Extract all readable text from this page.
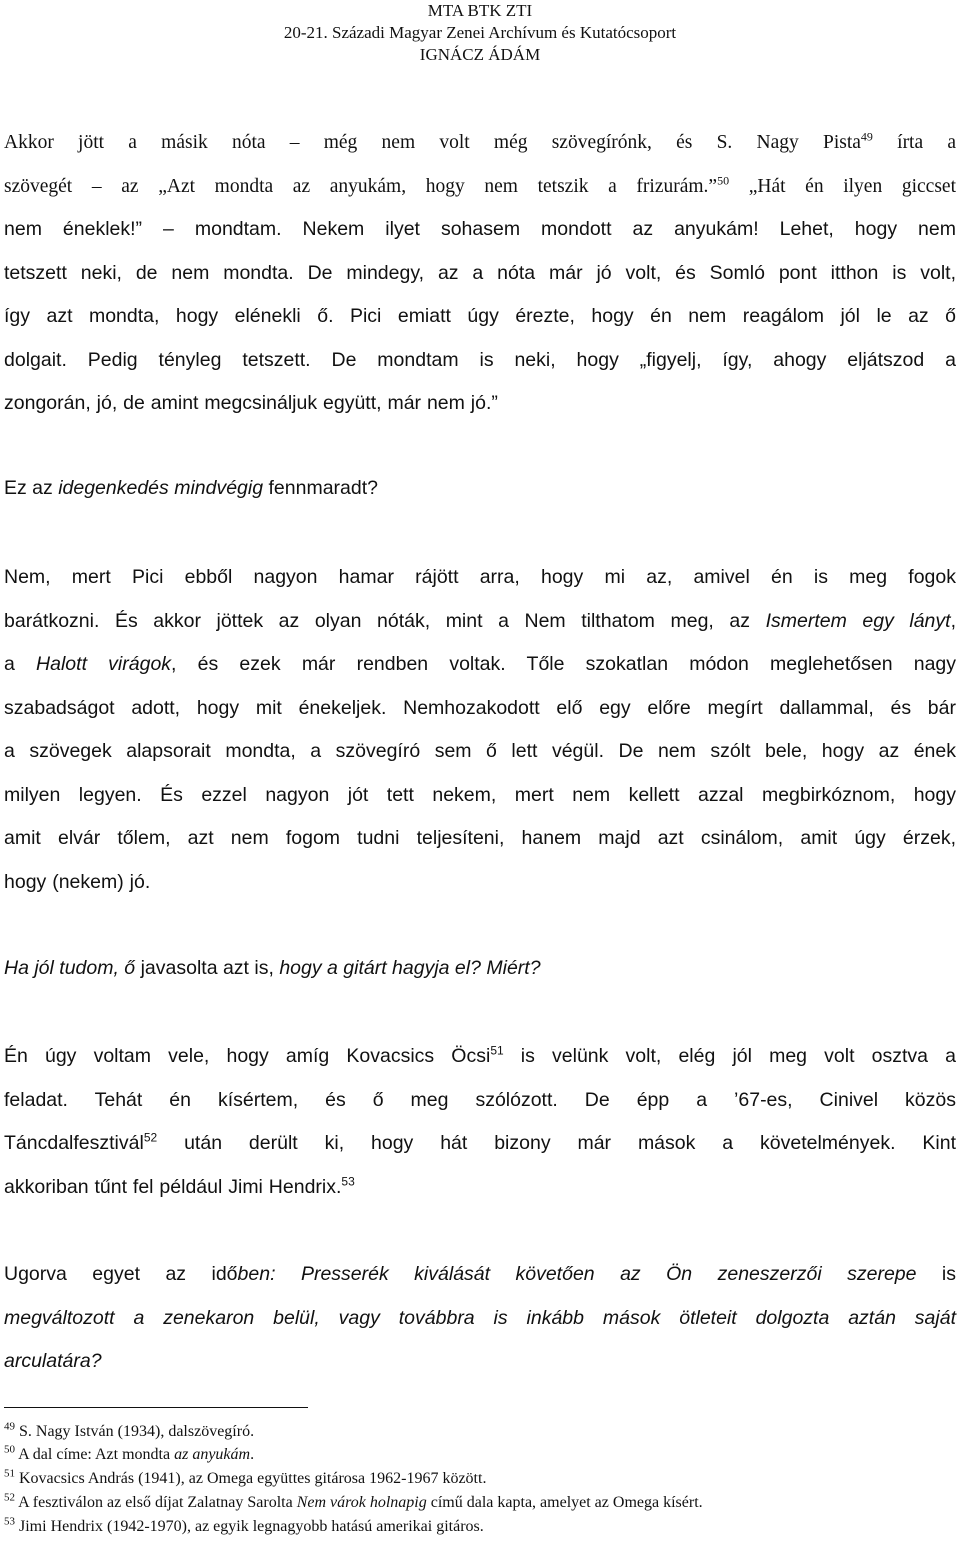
MTA BTK ZTI
20-21. Századi Magyar Zenei Archívum és Kutatócsoport
IGNÁCZ ÁDÁM
Akkor jött a másik nóta – még nem volt még szövegírónk, és S. Nagy Pista$^{49}$ írta a
szövegét – az „Azt mondta az anyukám, hogy nem tetszik a frizurám.”$^{50}$ „Hát én ilyen giccset
nem éneklek!” – mondtam. Nekem ilyet sohasem mondott az anyukám! Lehet, hogy nem
tetszett neki, de nem mondta. De mindegy, az a nóta már jó volt, és Somló pont itthon is volt,
így azt mondta, hogy elénekli ő. Pici emiatt úgy érezte, hogy én nem reagálom jól le az ő
dolgait. Pedig tényleg tetszett. De mondtam is neki, hogy „figyelj, így, ahogy eljátszod a
zongorán, jó, de amint megcsináljuk együtt, már nem jó.”
Ez az idegenkedés mindvégig fennmaradt?
Nem, mert Pici ebből nagyon hamar rájött arra, hogy mi az, amivel én is meg fogok
barátkozni. És akkor jöttek az olyan nóták, mint a Nem tilthatom meg, az Ismertem egy lányt,
a Halott virágok, és ezek már rendben voltak. Tőle szokatlan módon meglehetősen nagy
szabadságot adott, hogy mit énekeljek. Nemhozakodott elő egy előre megírt dallammal, és bár
a szövegek alapsorait mondta, a szövegíró sem ő lett végül. De nem szólt bele, hogy az ének
milyen legyen. És ezzel nagyon jót tett nekem, mert nem kellett azzal megbirkóznom, hogy
amit elvár tőlem, azt nem fogom tudni teljesíteni, hanem majd azt csinálom, amit úgy érzek,
hogy (nekem) jó.
Ha jól tudom, ő javasolta azt is, hogy a gitárt hagyja el? Miért?
Én úgy voltam vele, hogy amíg Kovacsics Öcsi$^{51}$ is velünk volt, elég jól meg volt osztva a
feladat. Tehát én kísértem, és ő meg szólózott. De épp a ’67-es, Cinivel közös
Táncdalfesztivál$^{52}$ után derült ki, hogy hát bizony már mások a követelmények. Kint
akkoriban tűnt fel például Jimi Hendrix.$^{53}$
Ugorva egyet az időben: Presserék kiválását követően az Ön zeneszerzői szerepe is
megváltozott a zenekaron belül, vagy továbbra is inkább mások ötleteit dolgozta aztán saját
arculatára?
$^{49}$ S. Nagy István (1934), dalszövegíró.
$^{50}$ A dal címe: Azt mondta az anyukám.
$^{51}$ Kovacsics András (1941), az Omega együttes gitárosa 1962-1967 között.
$^{52}$ A fesztiválon az első díjat Zalatnay Sarolta Nem várok holnapig című dala kapta, amelyet az Omega kísért.
$^{53}$ Jimi Hendrix (1942-1970), az egyik legnagyobb hatású amerikai gitáros.
